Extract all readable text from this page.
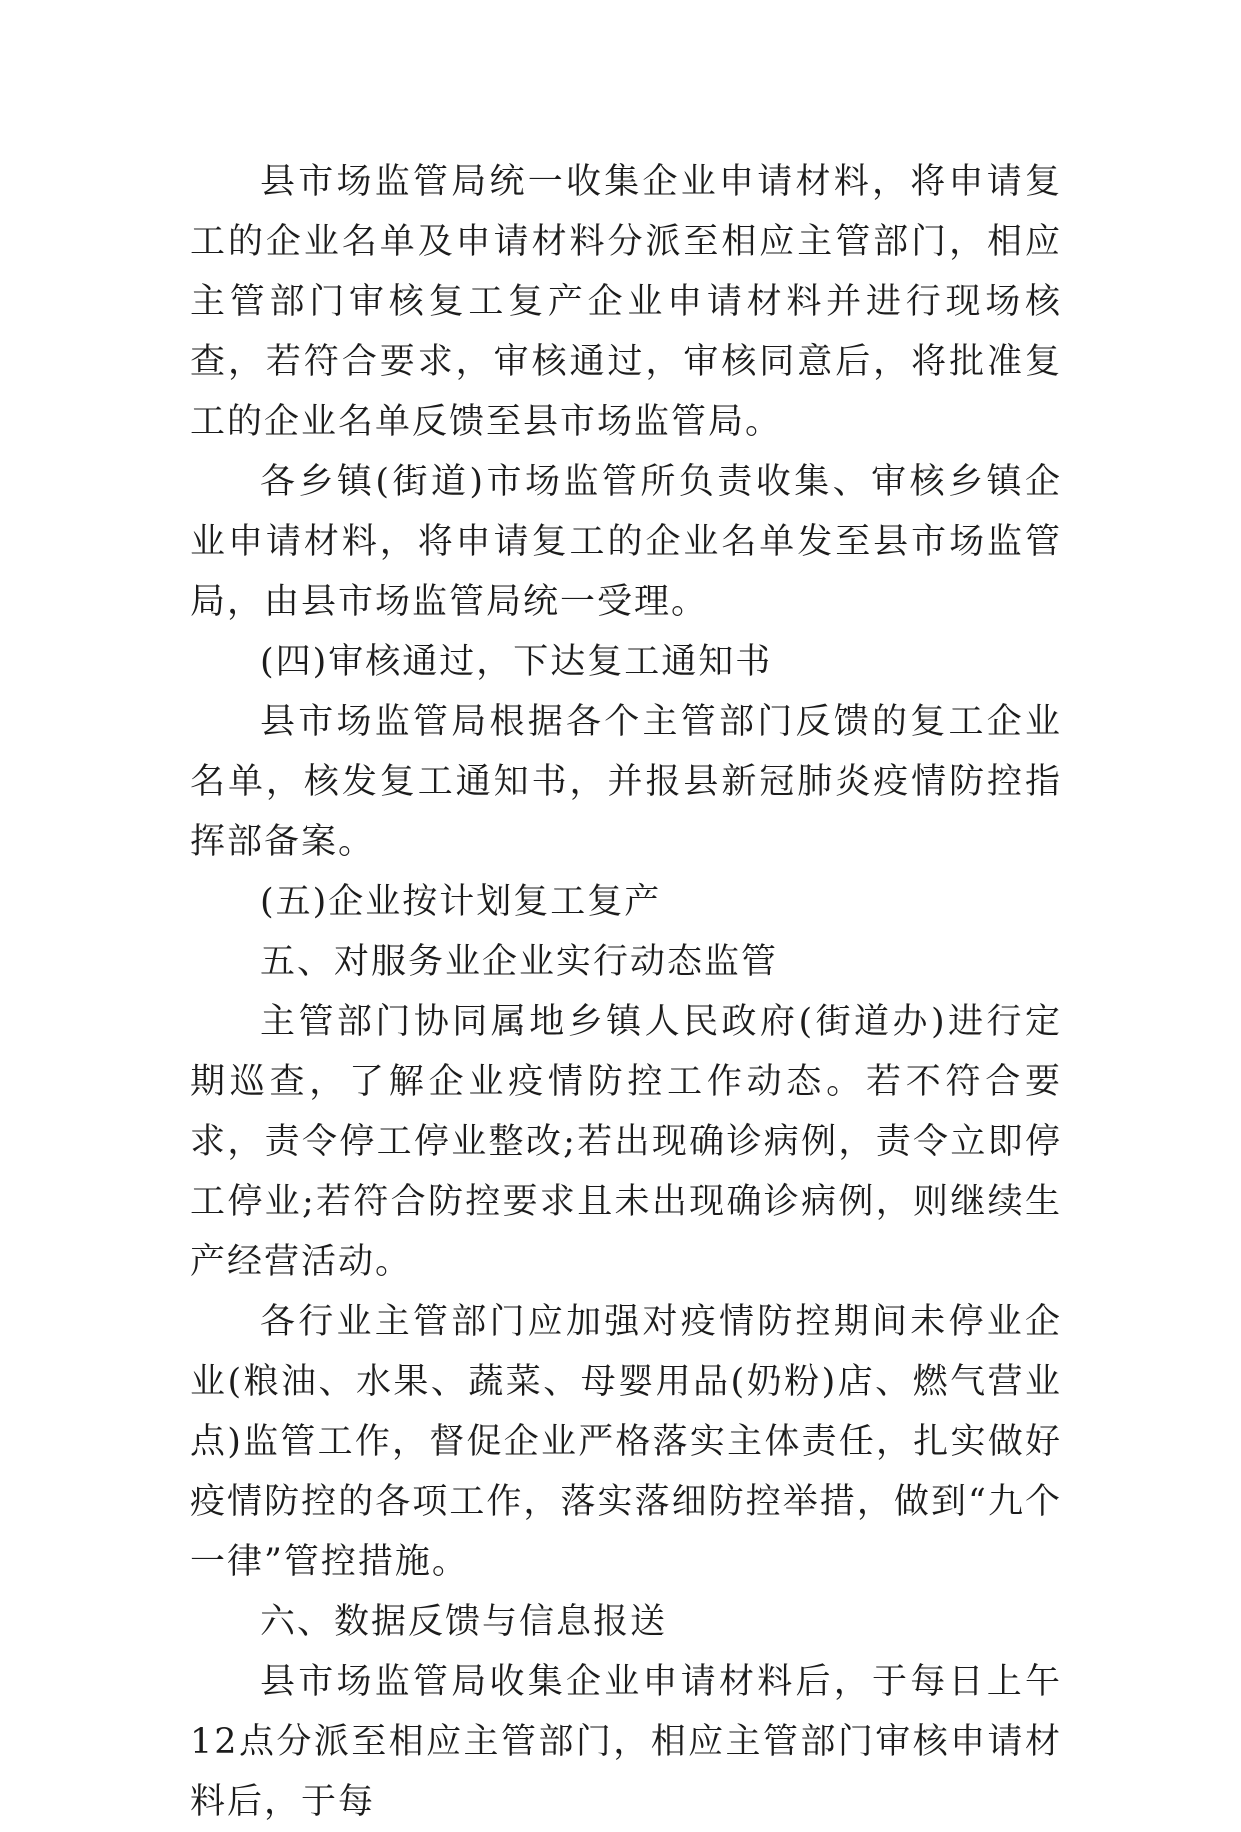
县市场监管局统一收集企业申请材料，将申请复工的企业名单及申请材料分派至相应主管部门，相应主管部门审核复工复产企业申请材料并进行现场核查，若符合要求，审核通过，审核同意后，将批准复工的企业名单反馈至县市场监管局。

各乡镇(街道)市场监管所负责收集、审核乡镇企业申请材料，将申请复工的企业名单发至县市场监管局，由县市场监管局统一受理。

(四)审核通过，下达复工通知书

县市场监管局根据各个主管部门反馈的复工企业名单，核发复工通知书，并报县新冠肺炎疫情防控指挥部备案。

(五)企业按计划复工复产

五、对服务业企业实行动态监管

主管部门协同属地乡镇人民政府(街道办)进行定期巡查，了解企业疫情防控工作动态。若不符合要求，责令停工停业整改;若出现确诊病例，责令立即停工停业;若符合防控要求且未出现确诊病例，则继续生产经营活动。

各行业主管部门应加强对疫情防控期间未停业企业(粮油、水果、蔬菜、母婴用品(奶粉)店、燃气营业点)监管工作，督促企业严格落实主体责任，扎实做好疫情防控的各项工作，落实落细防控举措，做到“九个一律”管控措施。

六、数据反馈与信息报送

县市场监管局收集企业申请材料后，于每日上午12点分派至相应主管部门，相应主管部门审核申请材料后，于每
